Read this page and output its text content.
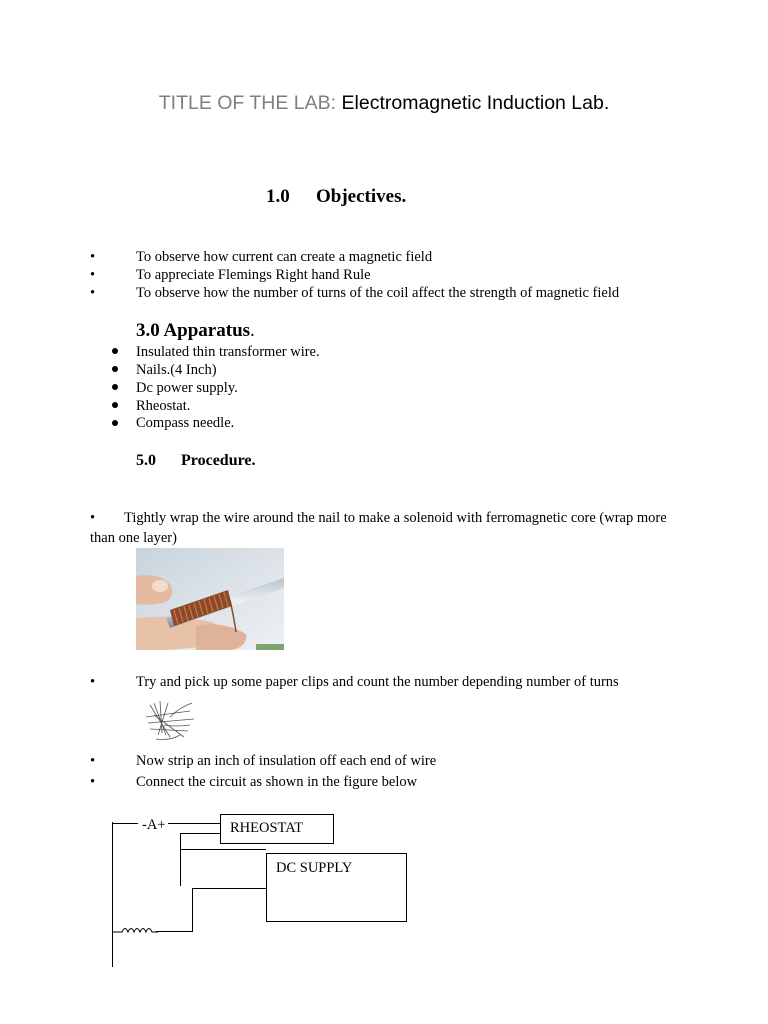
TITLE OF THE LAB: Electromagnetic Induction Lab.
1.0 Objectives.
•	To observe how current can create a magnetic field
•	To appreciate Flemings Right hand Rule
•	To observe how the number of turns of the coil affect the strength of magnetic field
3.0 Apparatus.
Insulated thin transformer wire.
Nails.(4 Inch)
Dc power supply.
Rheostat.
Compass needle.
5.0 Procedure.
• Tightly wrap the wire around the nail to make a solenoid with ferromagnetic core (wrap more than one layer)
•	Try and pick up some paper clips and count the number depending number of turns
•	Now strip an inch of insulation off each end of wire
•	Connect the circuit as shown in the figure below
-A+	RHEOSTAT
DC SUPPLY
